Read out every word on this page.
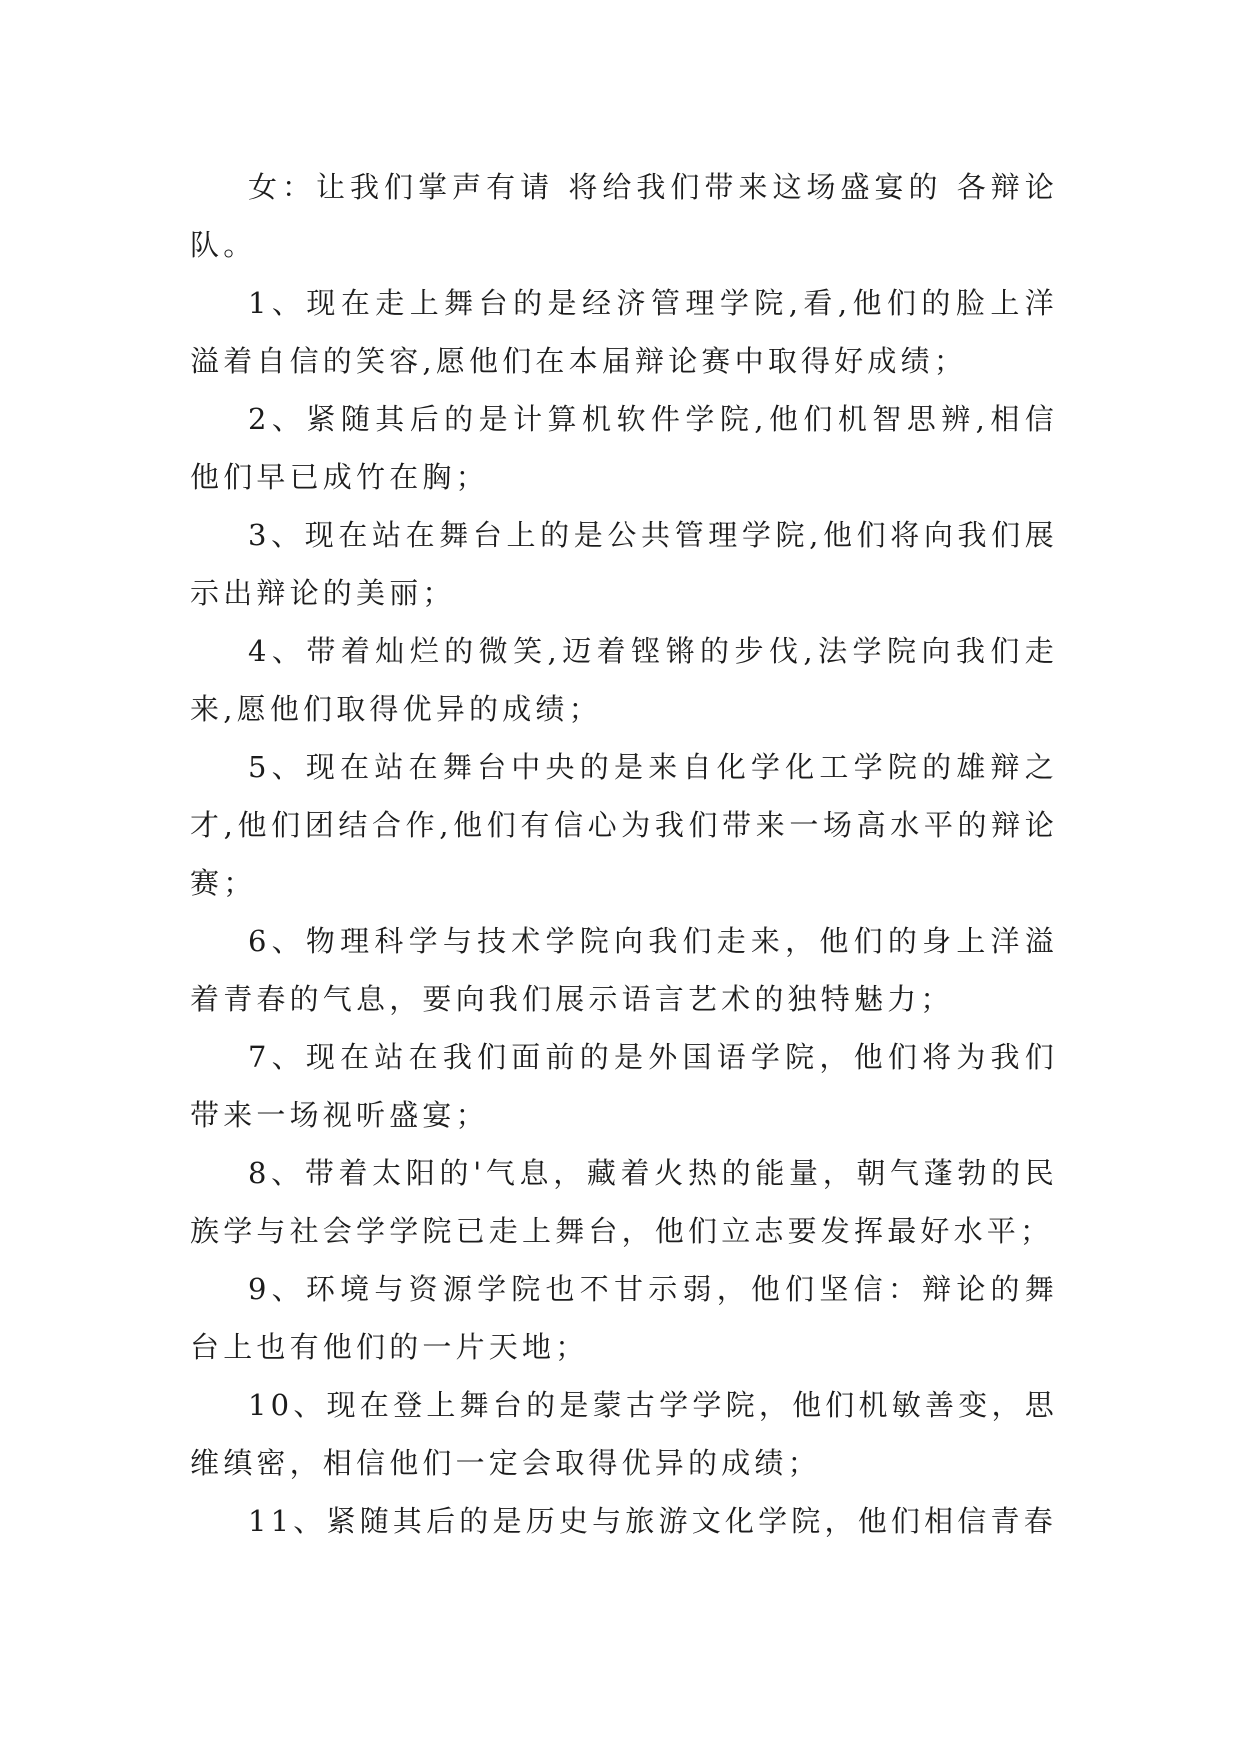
女：让我们掌声有请 将给我们带来这场盛宴的 各辩论队。

1、现在走上舞台的是经济管理学院,看,他们的脸上洋溢着自信的笑容,愿他们在本届辩论赛中取得好成绩；

2、紧随其后的是计算机软件学院,他们机智思辨,相信他们早已成竹在胸；

3、现在站在舞台上的是公共管理学院,他们将向我们展示出辩论的美丽；

4、带着灿烂的微笑,迈着铿锵的步伐,法学院向我们走来,愿他们取得优异的成绩；

5、现在站在舞台中央的是来自化学化工学院的雄辩之才,他们团结合作,他们有信心为我们带来一场高水平的辩论赛；

6、物理科学与技术学院向我们走来，他们的身上洋溢着青春的气息，要向我们展示语言艺术的独特魅力；

7、现在站在我们面前的是外国语学院，他们将为我们带来一场视听盛宴；

8、带着太阳的'气息，藏着火热的能量，朝气蓬勃的民族学与社会学学院已走上舞台，他们立志要发挥最好水平；

9、环境与资源学院也不甘示弱，他们坚信：辩论的舞台上也有他们的一片天地；

10、现在登上舞台的是蒙古学学院，他们机敏善变，思维缜密，相信他们一定会取得优异的成绩；

11、紧随其后的是历史与旅游文化学院，他们相信青春
